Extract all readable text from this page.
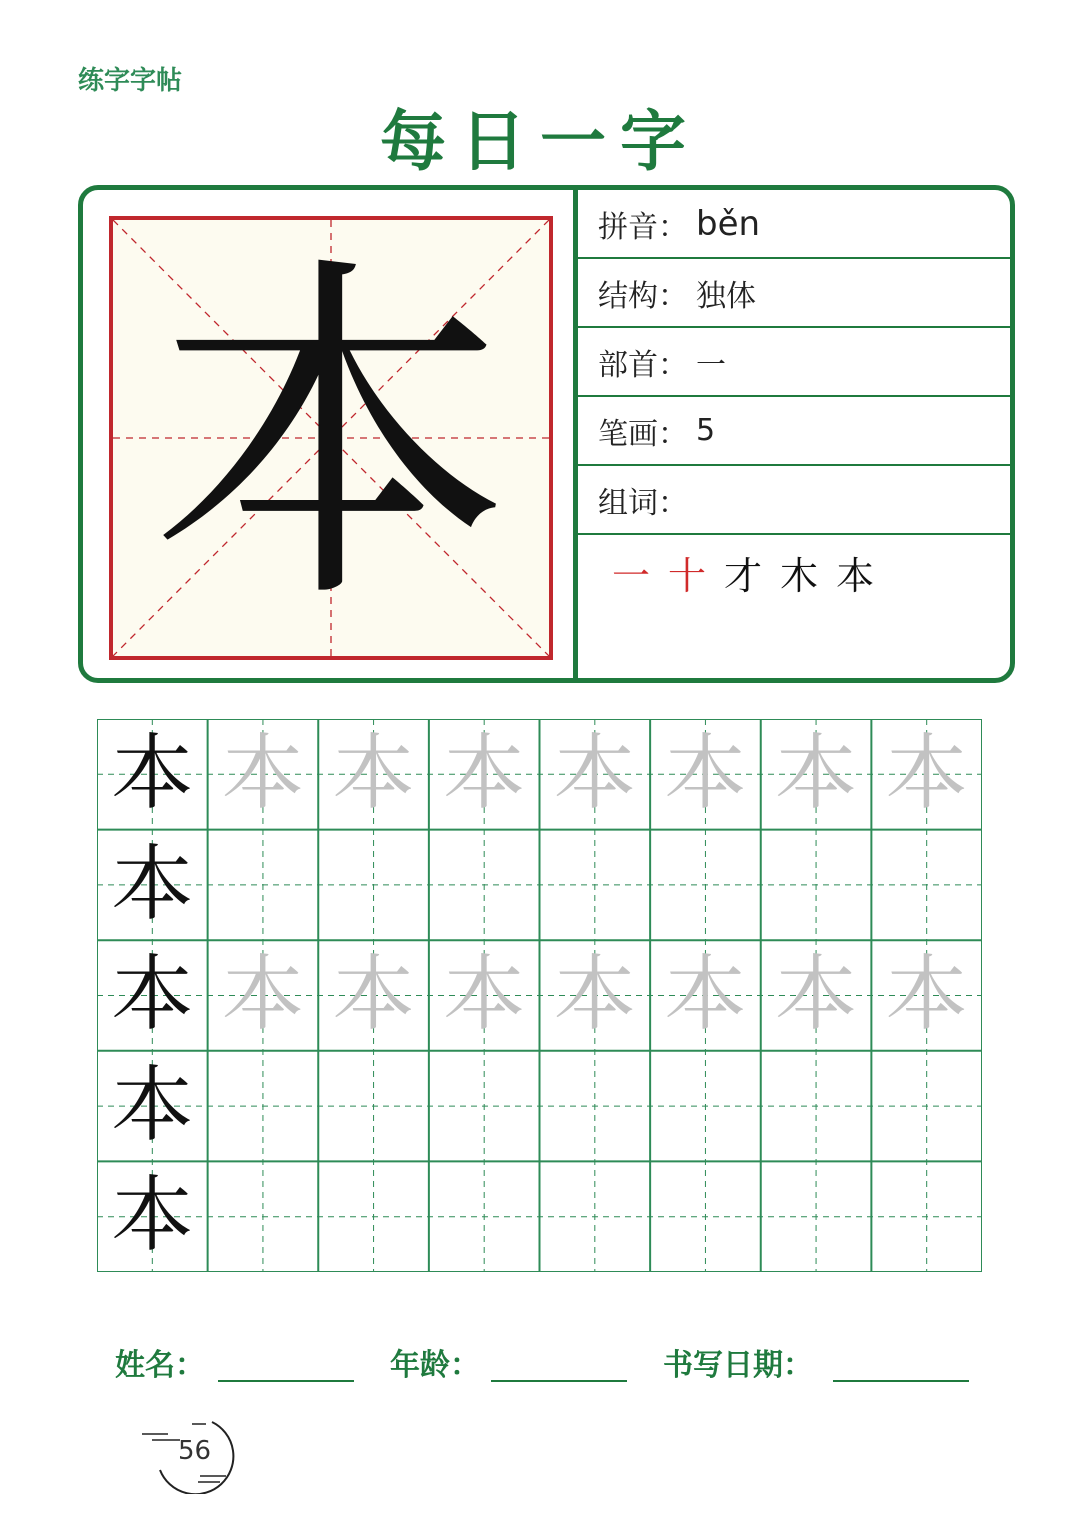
练字字帖
每日一字
本
拼音： běn
结构： 独体
部首： 一
笔画： 5
组词：
一 十 才 木 本
本 本 本 本 本 本 本 本
本
本 本 本 本 本 本 本 本
本
本
姓名：	年龄：	书写日期：
56
